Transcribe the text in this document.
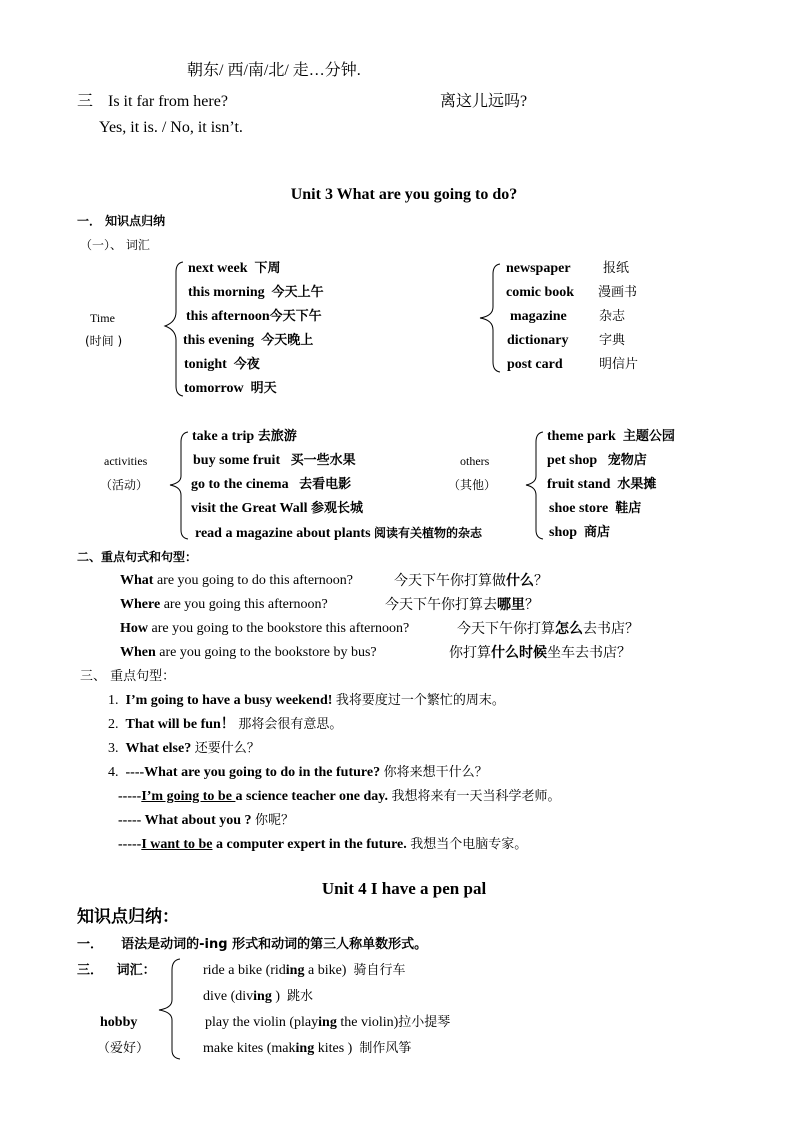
朝东/ 西/南/北/ 走…分钟.
三 Is it far from here?	离这儿远吗?
Yes, it is. / No, it isn’t.
Unit 3 What are you going to do?
一． 知识点归纳
（一）、 词汇
Time
(时间 )
next week 下周
this morning 今天上午
this afternoon今天下午
this evening 今天晚上
tonight 今夜
tomorrow 明天
newspaper 报纸
comic book 漫画书
magazine 杂志
dictionary 字典
post card	明信片
activities
（活动）
take a trip 去旅游
buy some fruit 买一些水果
go to the cinema 去看电影
visit the Great Wall 参观长城
read a magazine about plants 阅读有关植物的杂志
others
（其他）
theme park 主题公园
pet shop 宠物店
fruit stand 水果摊
shoe store 鞋店
shop 商店
二、重点句式和句型：
What are you going to do this afternoon?	今天下午你打算做什么？
Where are you going this afternoon?	今天下午你打算去哪里？
How are you going to the bookstore this afternoon?	今天下午你打算怎么去书店？
When are you going to the bookstore by bus?	你打算什么时候坐车去书店？
三、 重点句型：
1. I’m going to have a busy weekend! 我将要度过一个繁忙的周末。
2. That will be fun！ 那将会很有意思。
3. What else? 还要什么？
4. ----What are you going to do in the future? 你将来想干什么？
-----I’m going to be a science teacher one day. 我想将来有一天当科学老师。
----- What about you ? 你呢？
-----I want to be a computer expert in the future. 我想当个电脑专家。
Unit 4 I have a pen pal
知识点归纳：
一． 语法是动词的-ing 形式和动词的第三人称单数形式。
三． 词汇：
hobby
（爱好）
ride a bike (riding a bike) 骑自行车
dive (diving ) 跳水
play the violin (playing the violin)拉小提琴
make kites (making kites ) 制作风筝
